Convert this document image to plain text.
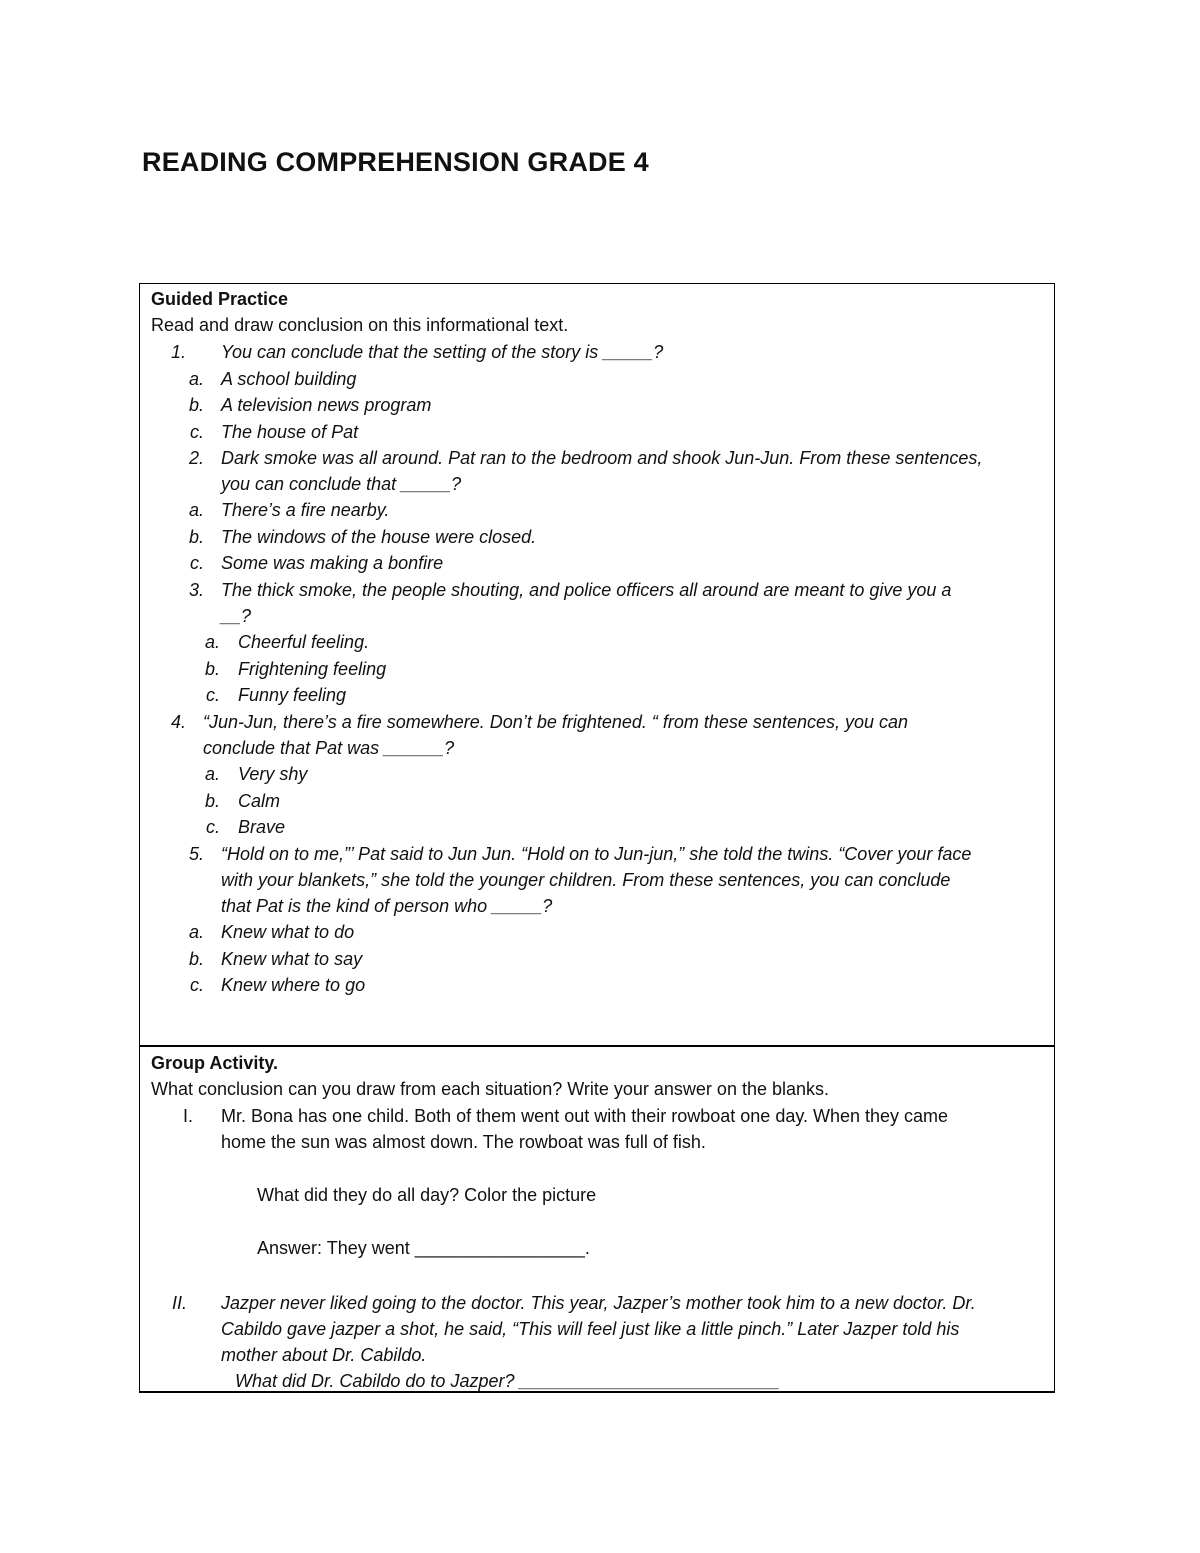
READING COMPREHENSION GRADE 4
Guided Practice
Read and draw conclusion on this informational text.
1. You can conclude that the setting of the story is _____?
a. A school building
b. A television news program
c. The house of Pat
2. Dark smoke was all around. Pat ran to the bedroom and shook Jun-Jun. From these sentences,
you can conclude that _____?
a. There’s a fire nearby.
b. The windows of the house were closed.
c. Some was making a bonfire
3. The thick smoke, the people shouting, and police officers all around are meant to give you a
__?
a. Cheerful feeling.
b. Frightening feeling
c. Funny feeling
4. “Jun-Jun, there’s a fire somewhere. Don’t be frightened. “ from these sentences, you can
conclude that Pat was ______?
a. Very shy
b. Calm
c. Brave
5. “Hold on to me,”’ Pat said to Jun Jun. “Hold on to Jun-jun,” she told the twins. “Cover your face
with your blankets,” she told the younger children. From these sentences, you can conclude
that Pat is the kind of person who _____?
a. Knew what to do
b. Knew what to say
c. Knew where to go
Group Activity.
What conclusion can you draw from each situation? Write your answer on the blanks.
I. Mr. Bona has one child. Both of them went out with their rowboat one day. When they came
home the sun was almost down. The rowboat was full of fish.
What did they do all day? Color the picture
Answer: They went _________________.
II. Jazper never liked going to the doctor. This year, Jazper’s mother took him to a new doctor. Dr.
Cabildo gave jazper a shot, he said, “This will feel just like a little pinch.” Later Jazper told his
mother about Dr. Cabildo.
What did Dr. Cabildo do to Jazper? __________________________
